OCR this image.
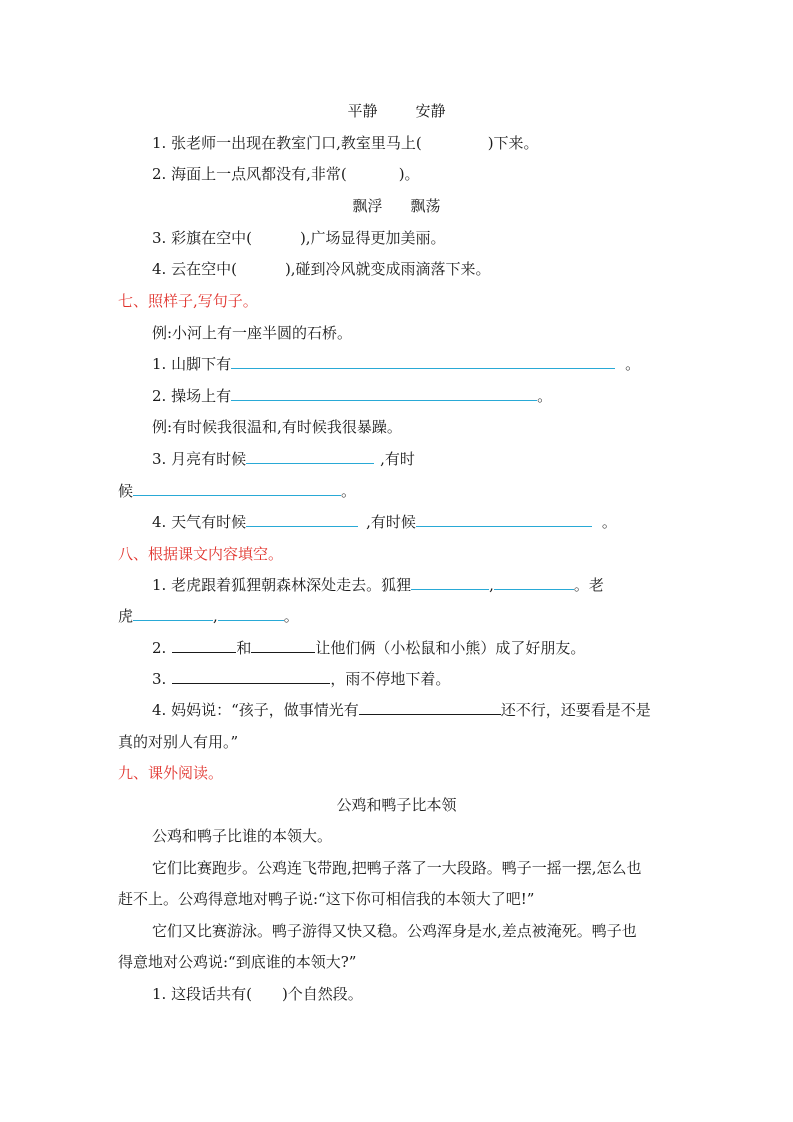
平静	安静
1. 张老师一出现在教室门口,教室里马上(	)下来。
2. 海面上一点风都没有,非常(	)。
飘浮 飘荡
3. 彩旗在空中(	),广场显得更加美丽。
4. 云在空中(	),碰到冷风就变成雨滴落下来。
七、照样子,写句子。
例:小河上有一座半圆的石桥。
1. 山脚下有	。
2. 操场上有	。
例:有时候我很温和,有时候我很暴躁。
3. 月亮有时候	,有时
候	。
4. 天气有时候	,有时候	。
八、根据课文内容填空。
1. 老虎跟着狐狸朝森林深处走去。狐狸	,	。老
虎	,	。
2.	和	让他们俩（小松鼠和小熊）成了好朋友。
3.	，雨不停地下着。
4. 妈妈说：“孩子，做事情光有	还不行，还要看是不是
真的对别人有用。”
九、课外阅读。
公鸡和鸭子比本领
公鸡和鸭子比谁的本领大。
它们比赛跑步。公鸡连飞带跑,把鸭子落了一大段路。鸭子一摇一摆,怎么也
赶不上。公鸡得意地对鸭子说:“这下你可相信我的本领大了吧!”
它们又比赛游泳。鸭子游得又快又稳。公鸡浑身是水,差点被淹死。鸭子也
得意地对公鸡说:“到底谁的本领大?”
1. 这段话共有( )个自然段。
